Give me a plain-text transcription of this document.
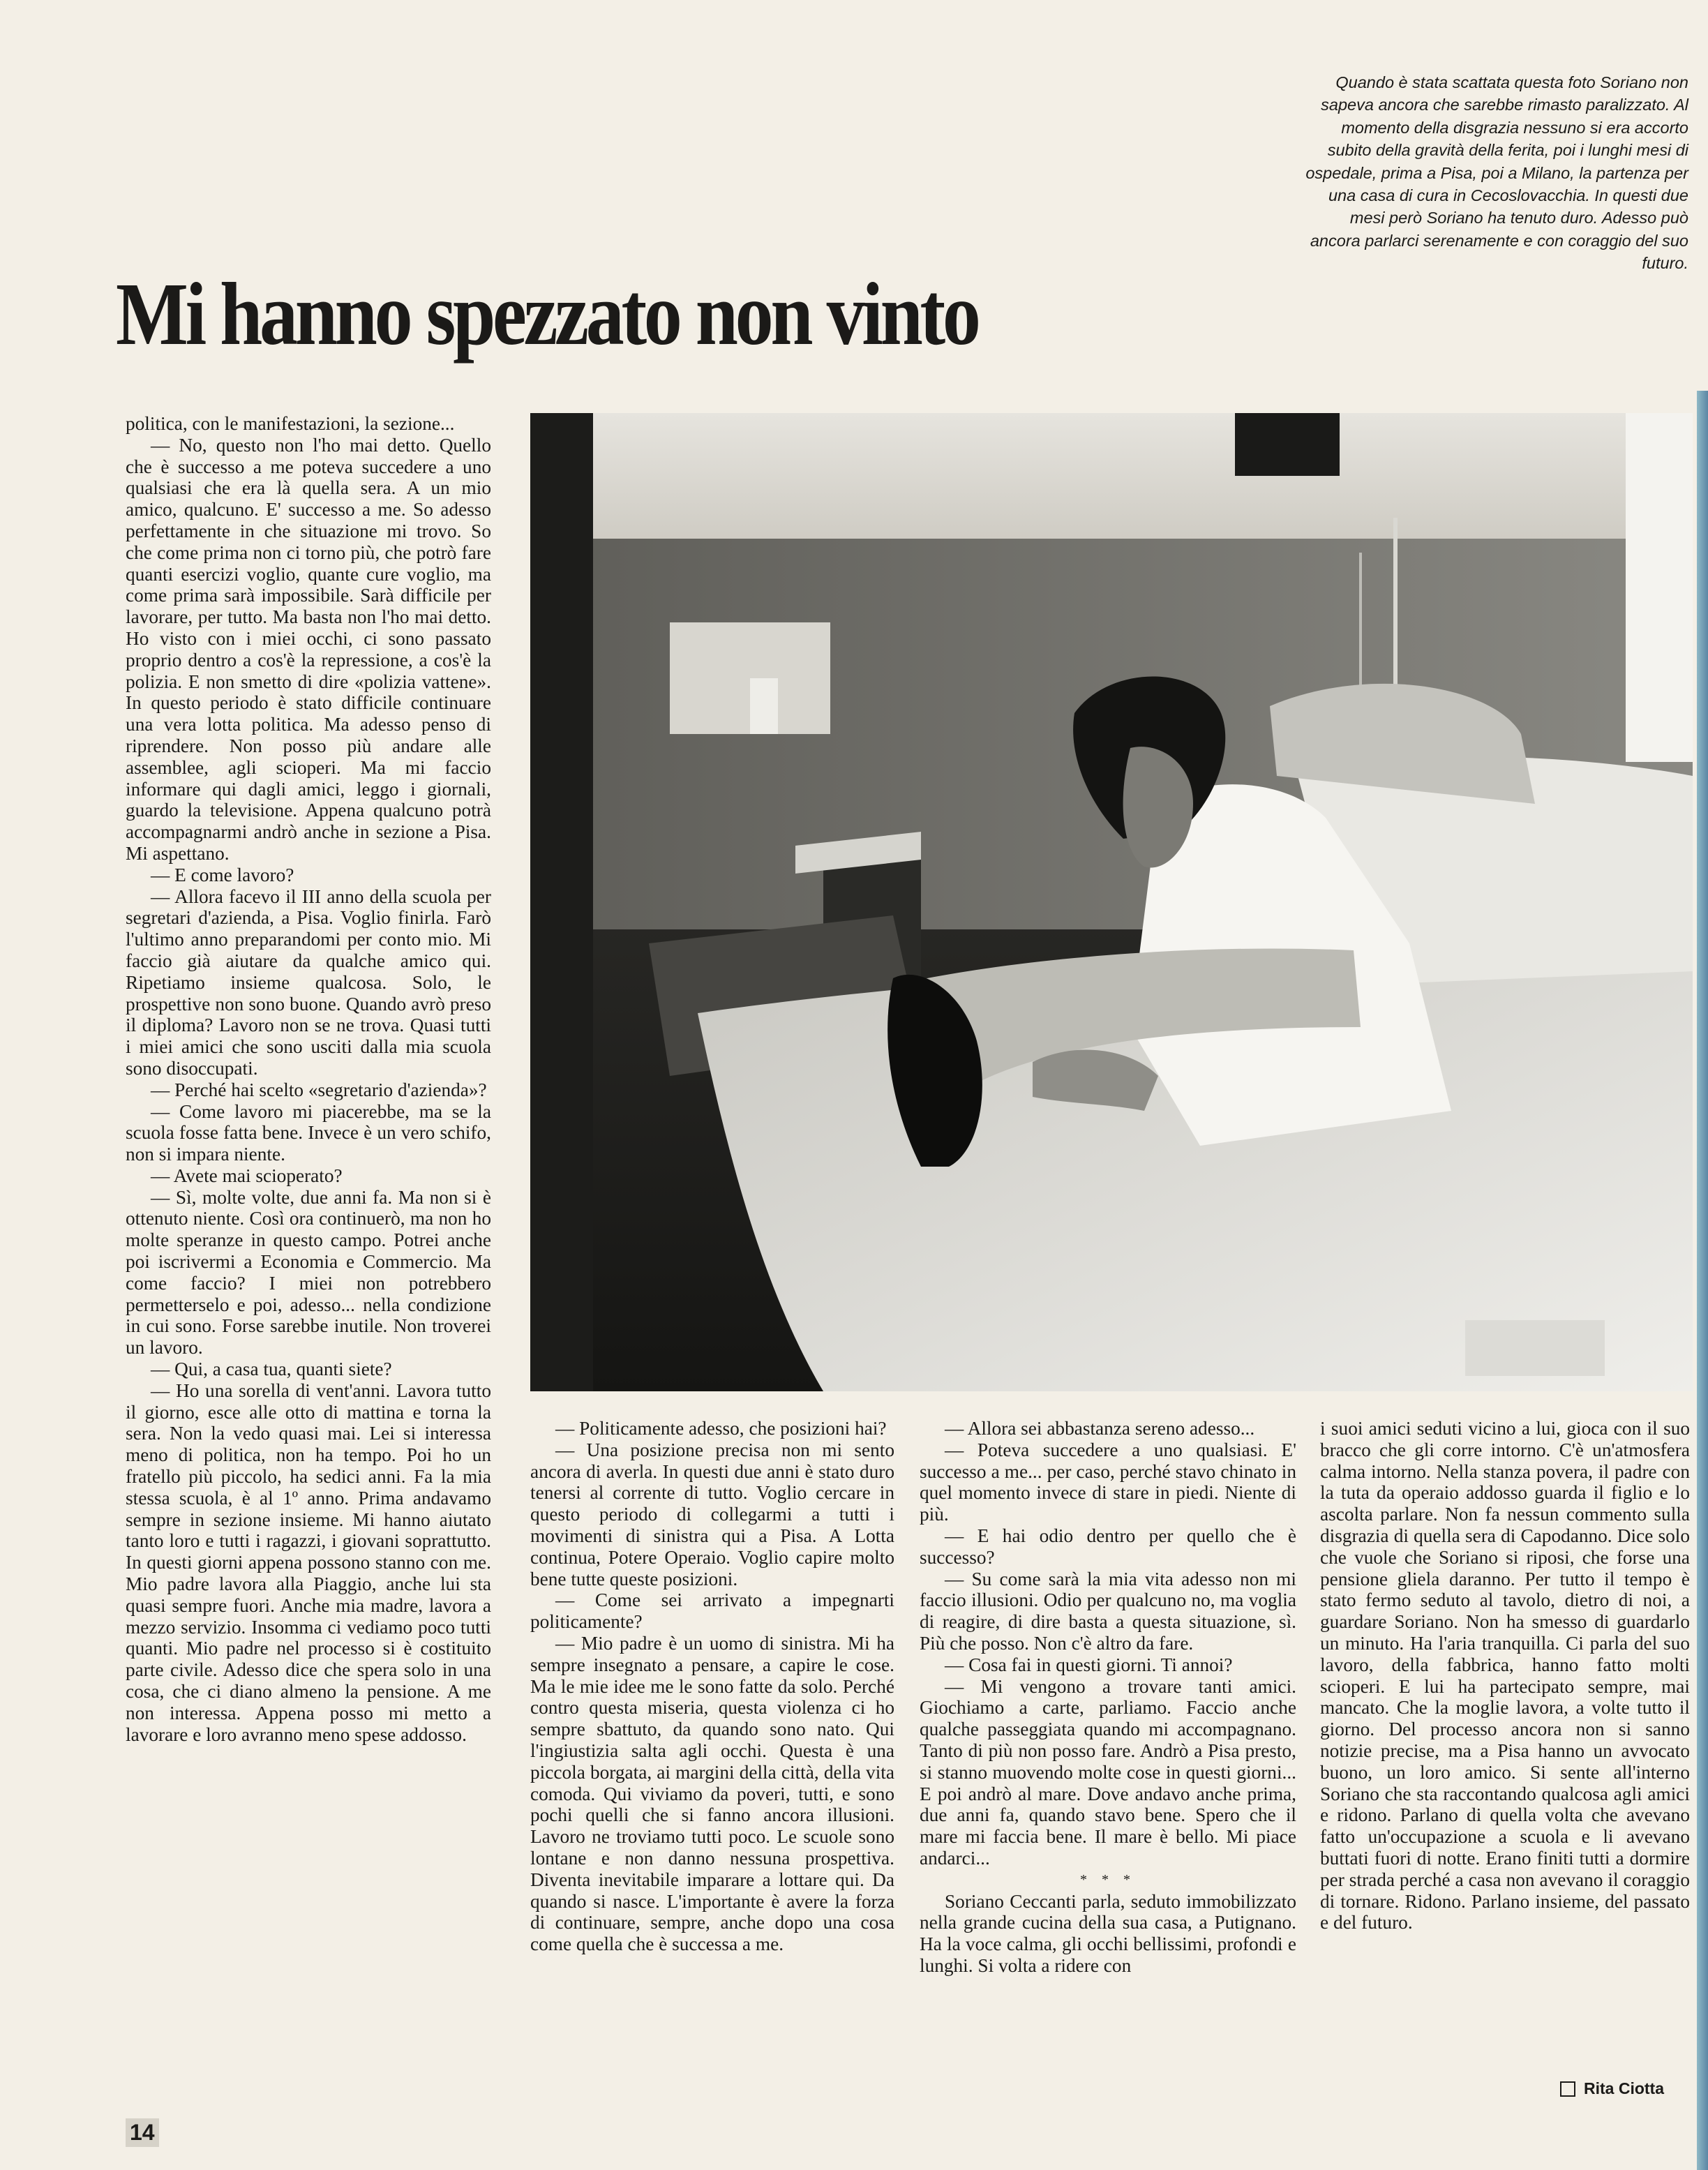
Mi hanno spezzato non vinto
Quando è stata scattata questa foto Soriano non sapeva ancora che sarebbe rimasto paralizzato. Al momento della disgrazia nessuno si era accorto subito della gravità della ferita, poi i lunghi mesi di ospedale, prima a Pisa, poi a Milano, la partenza per una casa di cura in Cecoslovacchia. In questi due mesi però Soriano ha tenuto duro. Adesso può ancora parlarci serenamente e con coraggio del suo futuro.

politica, con le manifestazioni, la sezione...

— No, questo non l'ho mai detto. Quello che è successo a me poteva succedere a uno qualsiasi che era là quella sera. A un mio amico, qualcuno. E' successo a me. So adesso perfettamente in che situazione mi trovo. So che come prima non ci torno più, che potrò fare quanti esercizi voglio, quante cure voglio, ma come prima sarà impossibile. Sarà difficile per lavorare, per tutto. Ma basta non l'ho mai detto. Ho visto con i miei occhi, ci sono passato proprio dentro a cos'è la repressione, a cos'è la polizia. E non smetto di dire «polizia vattene». In questo periodo è stato difficile continuare una vera lotta politica. Ma adesso penso di riprendere. Non posso più andare alle assemblee, agli scioperi. Ma mi faccio informare qui dagli amici, leggo i giornali, guardo la televisione. Appena qualcuno potrà accompagnarmi andrò anche in sezione a Pisa. Mi aspettano.

— E come lavoro?

— Allora facevo il III anno della scuola per segretari d'azienda, a Pisa. Voglio finirla. Farò l'ultimo anno preparandomi per conto mio. Mi faccio già aiutare da qualche amico qui. Ripetiamo insieme qualcosa. Solo, le prospettive non sono buone. Quando avrò preso il diploma? Lavoro non se ne trova. Quasi tutti i miei amici che sono usciti dalla mia scuola sono disoccupati.

— Perché hai scelto «segretario d'azienda»?

— Come lavoro mi piacerebbe, ma se la scuola fosse fatta bene. Invece è un vero schifo, non si impara niente.

— Avete mai scioperato?

— Sì, molte volte, due anni fa. Ma non si è ottenuto niente. Così ora continuerò, ma non ho molte speranze in questo campo. Potrei anche poi iscrivermi a Economia e Commercio. Ma come faccio? I miei non potrebbero permetterselo e poi, adesso... nella condizione in cui sono. Forse sarebbe inutile. Non troverei un lavoro.

— Qui, a casa tua, quanti siete?

— Ho una sorella di vent'anni. Lavora tutto il giorno, esce alle otto di mattina e torna la sera. Non la vedo quasi mai. Lei si interessa meno di politica, non ha tempo. Poi ho un fratello più piccolo, ha sedici anni. Fa la mia stessa scuola, è al 1º anno. Prima andavamo sempre in sezione insieme. Mi hanno aiutato tanto loro e tutti i ragazzi, i giovani soprattutto. In questi giorni appena possono stanno con me. Mio padre lavora alla Piaggio, anche lui sta quasi sempre fuori. Anche mia madre, lavora a mezzo servizio. Insomma ci vediamo poco tutti quanti. Mio padre nel processo si è costituito parte civile. Adesso dice che spera solo in una cosa, che ci diano almeno la pensione. A me non interessa. Appena posso mi metto a lavorare e loro avranno meno spese addosso.

— Politicamente adesso, che posizioni hai?

— Una posizione precisa non mi sento ancora di averla. In questi due anni è stato duro tenersi al corrente di tutto. Voglio cercare in questo periodo di collegarmi a tutti i movimenti di sinistra qui a Pisa. A Lotta continua, Potere Operaio. Voglio capire molto bene tutte queste posizioni.

— Come sei arrivato a impegnarti politicamente?

— Mio padre è un uomo di sinistra. Mi ha sempre insegnato a pensare, a capire le cose. Ma le mie idee me le sono fatte da solo. Perché contro questa miseria, questa violenza ci ho sempre sbattuto, da quando sono nato. Qui l'ingiustizia salta agli occhi. Questa è una piccola borgata, ai margini della città, della vita comoda. Qui viviamo da poveri, tutti, e sono pochi quelli che si fanno ancora illusioni. Lavoro ne troviamo tutti poco. Le scuole sono lontane e non danno nessuna prospettiva. Diventa inevitabile imparare a lottare qui. Da quando si nasce. L'importante è avere la forza di continuare, sempre, anche dopo una cosa come quella che è successa a me.

— Allora sei abbastanza sereno adesso...

— Poteva succedere a uno qualsiasi. E' successo a me... per caso, perché stavo chinato in quel momento invece di stare in piedi. Niente di più.

— E hai odio dentro per quello che è successo?

— Su come sarà la mia vita adesso non mi faccio illusioni. Odio per qualcuno no, ma voglia di reagire, di dire basta a questa situazione, sì. Più che posso. Non c'è altro da fare.

— Cosa fai in questi giorni. Ti annoi?

— Mi vengono a trovare tanti amici. Giochiamo a carte, parliamo. Faccio anche qualche passeggiata quando mi accompagnano. Tanto di più non posso fare. Andrò a Pisa presto, si stanno muovendo molte cose in questi giorni... E poi andrò al mare. Dove andavo anche prima, due anni fa, quando stavo bene. Spero che il mare mi faccia bene. Il mare è bello. Mi piace andarci...

* * *

Soriano Ceccanti parla, seduto immobilizzato nella grande cucina della sua casa, a Putignano. Ha la voce calma, gli occhi bellissimi, profondi e lunghi. Si volta a ridere con

i suoi amici seduti vicino a lui, gioca con il suo bracco che gli corre intorno. C'è un'atmosfera calma intorno. Nella stanza povera, il padre con la tuta da operaio addosso guarda il figlio e lo ascolta parlare. Non fa nessun commento sulla disgrazia di quella sera di Capodanno. Dice solo che vuole che Soriano si riposi, che forse una pensione gliela daranno. Per tutto il tempo è stato fermo seduto al tavolo, dietro di noi, a guardare Soriano. Non ha smesso di guardarlo un minuto. Ha l'aria tranquilla. Ci parla del suo lavoro, della fabbrica, hanno fatto molti scioperi. E lui ha partecipato sempre, mai mancato. Che la moglie lavora, a volte tutto il giorno. Del processo ancora non si sanno notizie precise, ma a Pisa hanno un avvocato buono, un loro amico. Si sente all'interno Soriano che sta raccontando qualcosa agli amici e ridono. Parlano di quella volta che avevano fatto un'occupazione a scuola e li avevano buttati fuori di notte. Erano finiti tutti a dormire per strada perché a casa non avevano il coraggio di tornare. Ridono. Parlano insieme, del passato e del futuro.

Rita Ciotta
14
